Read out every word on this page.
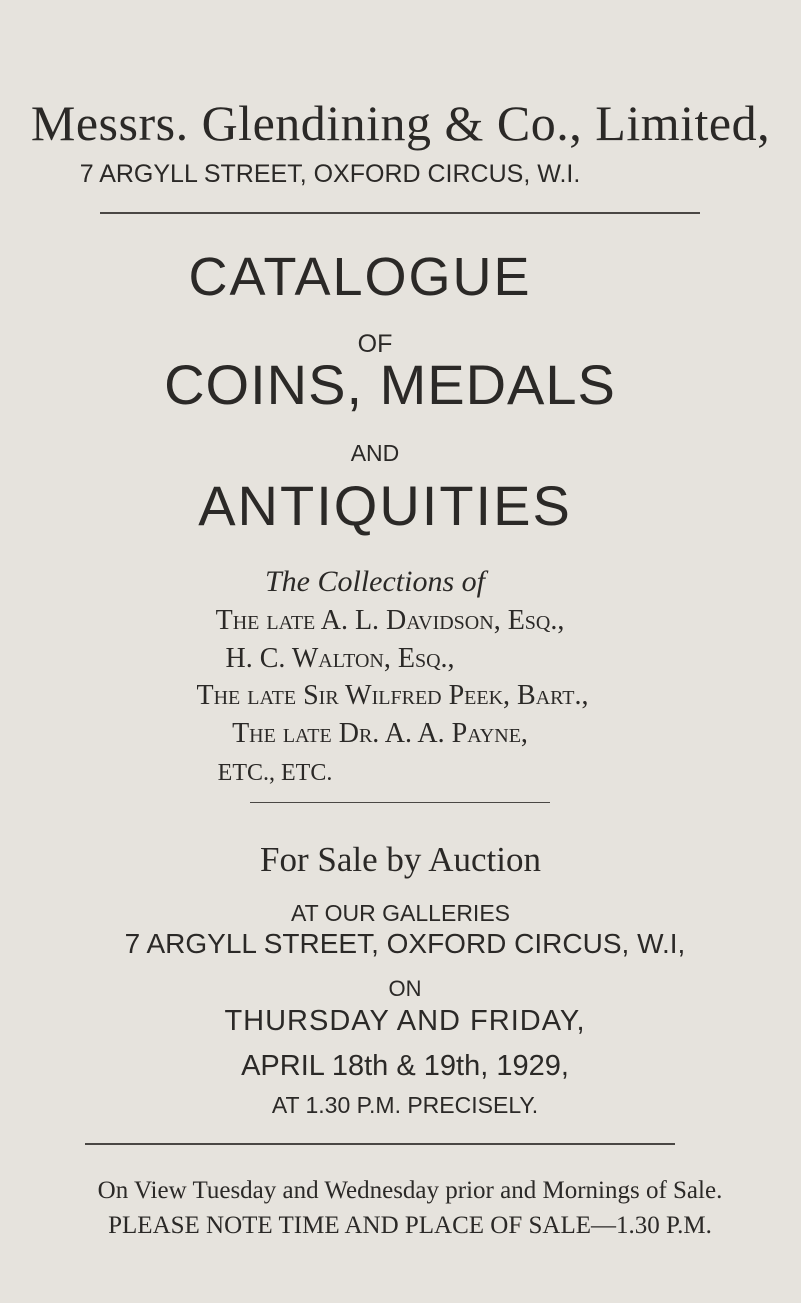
Messrs. Glendining & Co., Limited,
7 ARGYLL STREET, OXFORD CIRCUS, W.I.
CATALOGUE
OF
COINS, MEDALS
AND
ANTIQUITIES
The Collections of
The late A. L. Davidson, Esq.,
H. C. Walton, Esq.,
The late Sir Wilfred Peek, Bart.,
The late Dr. A. A. Payne,
ETC., ETC.
For Sale by Auction
AT OUR GALLERIES
7 ARGYLL STREET, OXFORD CIRCUS, W.I,
ON
THURSDAY AND FRIDAY,
APRIL 18th & 19th, 1929,
AT 1.30 P.M. PRECISELY.
On View Tuesday and Wednesday prior and Mornings of Sale.
PLEASE NOTE TIME AND PLACE OF SALE—1.30 P.M.
